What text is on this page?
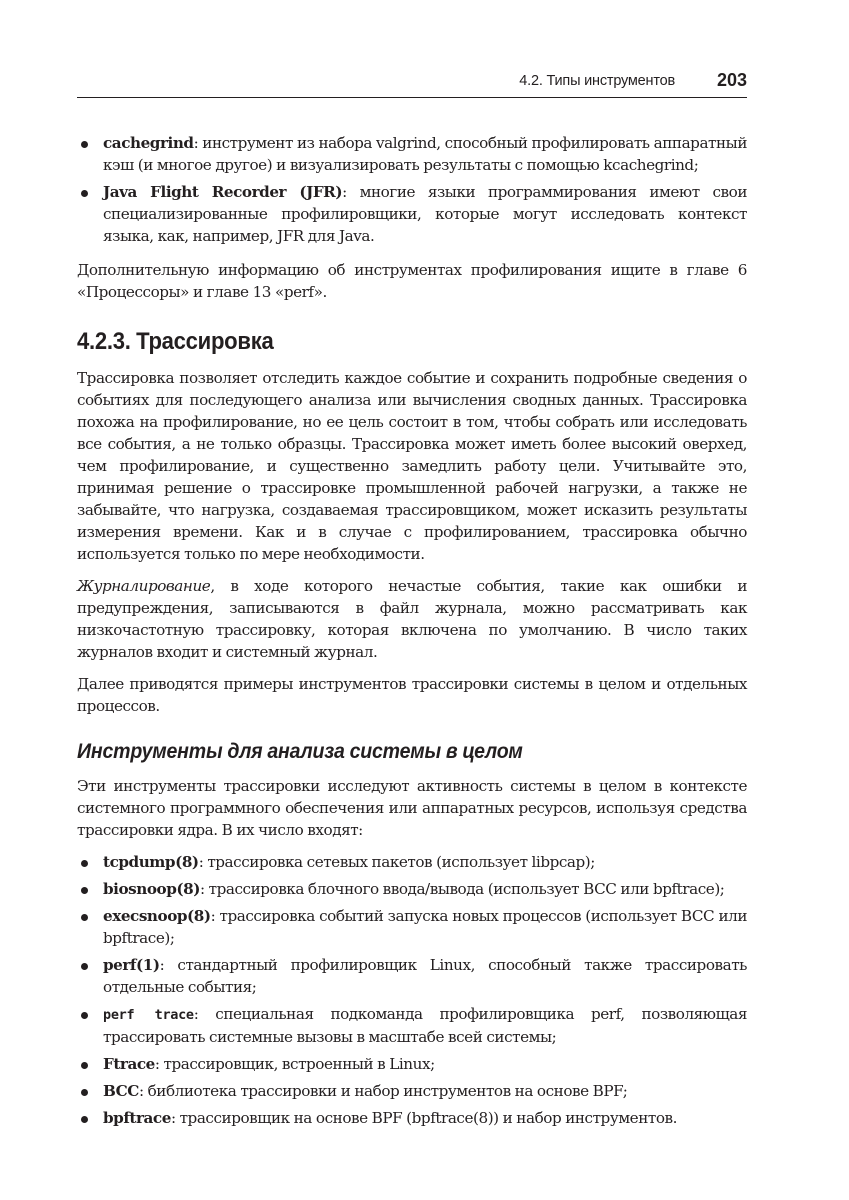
4.2. Типы инструментов 203
cachegrind: инструмент из набора valgrind, способный профилировать аппаратный кэш (и многое другое) и визуализировать результаты с помощью kcachegrind;
Java Flight Recorder (JFR): многие языки программирования имеют свои специализированные профилировщики, которые могут исследовать контекст языка, как, например, JFR для Java.

Дополнительную информацию об инструментах профилирования ищите в главе 6 «Процессоры» и главе 13 «perf».

4.2.3. Трассировка

Трассировка позволяет отследить каждое событие и сохранить подробные сведения о событиях для последующего анализа или вычисления сводных данных. Трассировка похожа на профилирование, но ее цель состоит в том, чтобы собрать или исследовать все события, а не только образцы. Трассировка может иметь более высокий оверхед, чем профилирование, и существенно замедлить работу цели. Учитывайте это, принимая решение о трассировке промышленной рабочей нагрузки, а также не забывайте, что нагрузка, создаваемая трассировщиком, может исказить результаты измерения времени. Как и в случае с профилированием, трассировка обычно используется только по мере необходимости.

Журналирование, в ходе которого нечастые события, такие как ошибки и предупреждения, записываются в файл журнала, можно рассматривать как низкочастотную трассировку, которая включена по умолчанию. В число таких журналов входит и системный журнал.

Далее приводятся примеры инструментов трассировки системы в целом и отдельных процессов.

Инструменты для анализа системы в целом

Эти инструменты трассировки исследуют активность системы в целом в контексте системного программного обеспечения или аппаратных ресурсов, используя средства трассировки ядра. В их число входят:

tcpdump(8): трассировка сетевых пакетов (использует libpcap);
biosnoop(8): трассировка блочного ввода/вывода (использует BCC или bpftrace);
execsnoop(8): трассировка событий запуска новых процессов (использует BCC или bpftrace);
perf(1): стандартный профилировщик Linux, способный также трассировать отдельные события;
perf trace: специальная подкоманда профилировщика perf, позволяющая трассировать системные вызовы в масштабе всей системы;
Ftrace: трассировщик, встроенный в Linux;
BCC: библиотека трассировки и набор инструментов на основе BPF;
bpftrace: трассировщик на основе BPF (bpftrace(8)) и набор инструментов.
